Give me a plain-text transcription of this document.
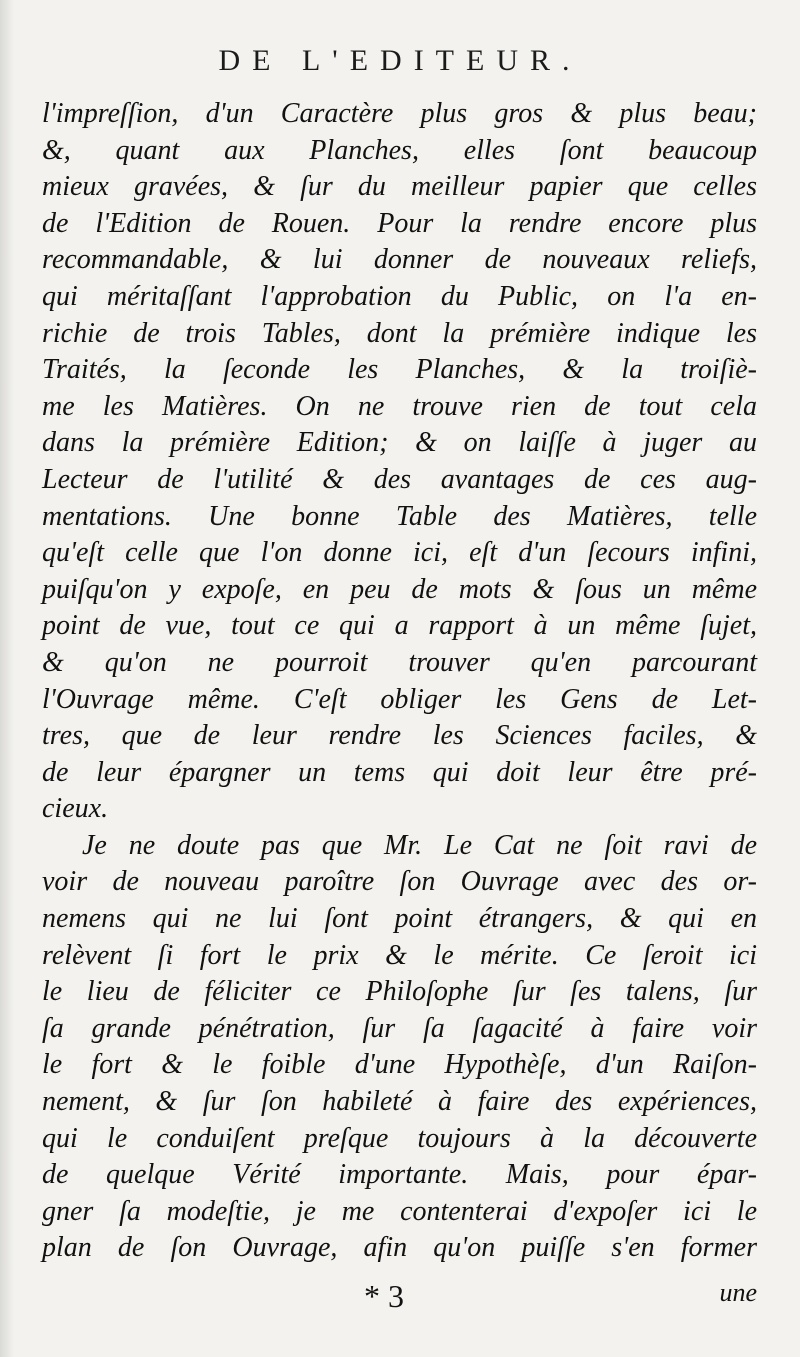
DE L'EDITEUR.
l'impreſſion, d'un Caractère plus gros & plus beau;
&, quant aux Planches, elles ſont beaucoup
mieux gravées, & ſur du meilleur papier que celles
de l'Edition de Rouen. Pour la rendre encore plus
recommandable, & lui donner de nouveaux reliefs,
qui méritaſſant l'approbation du Public, on l'a en-
richie de trois Tables, dont la prémière indique les
Traités, la ſeconde les Planches, & la troiſiè-
me les Matières. On ne trouve rien de tout cela
dans la prémière Edition; & on laiſſe à juger au
Lecteur de l'utilité & des avantages de ces aug-
mentations. Une bonne Table des Matières, telle
qu'eſt celle que l'on donne ici, eſt d'un ſecours infini,
puiſqu'on y expoſe, en peu de mots & ſous un même
point de vue, tout ce qui a rapport à un même ſujet,
& qu'on ne pourroit trouver qu'en parcourant
l'Ouvrage même. C'eſt obliger les Gens de Let-
tres, que de leur rendre les Sciences faciles, &
de leur épargner un tems qui doit leur être pré-
cieux.
Je ne doute pas que Mr. Le Cat ne ſoit ravi de
voir de nouveau paroître ſon Ouvrage avec des or-
nemens qui ne lui ſont point étrangers, & qui en
relèvent ſi fort le prix & le mérite. Ce ſeroit ici
le lieu de féliciter ce Philoſophe ſur ſes talens, ſur
ſa grande pénétration, ſur ſa ſagacité à faire voir
le fort & le foible d'une Hypothèſe, d'un Raiſon-
nement, & ſur ſon habileté à faire des expériences,
qui le conduiſent preſque toujours à la découverte
de quelque Vérité importante. Mais, pour épar-
gner ſa modeſtie, je me contenterai d'expoſer ici le
plan de ſon Ouvrage, afin qu'on puiſſe s'en former
* 3	une
